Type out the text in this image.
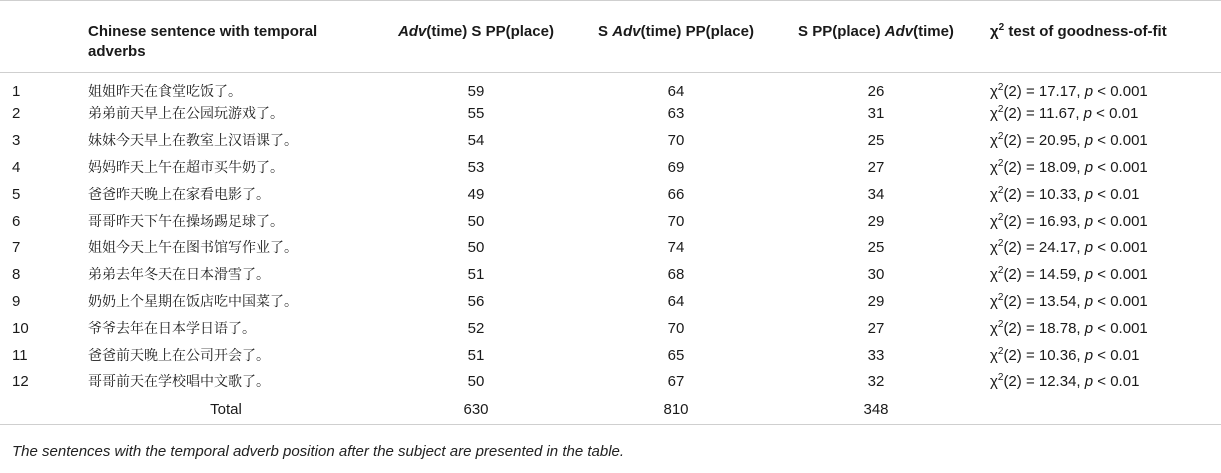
	Chinese sentence with temporal adverbs	Adv(time) S PP(place)	S Adv(time) PP(place)	S PP(place) Adv(time)	$\chi^2$ test of goodness-of-fit
1	姐姐昨天在食堂吃饭了。	59	64	26	$\chi^2(2) = 17.17$, p < 0.001
2	弟弟前天早上在公园玩游戏了。	55	63	31	$\chi^2(2) = 11.67$, p < 0.01
3	妹妹今天早上在教室上汉语课了。	54	70	25	$\chi^2(2) = 20.95$, p < 0.001
4	妈妈昨天上午在超市买牛奶了。	53	69	27	$\chi^2(2) = 18.09$, p < 0.001
5	爸爸昨天晚上在家看电影了。	49	66	34	$\chi^2(2) = 10.33$, p < 0.01
6	哥哥昨天下午在操场踢足球了。	50	70	29	$\chi^2(2) = 16.93$, p < 0.001
7	姐姐今天上午在图书馆写作业了。	50	74	25	$\chi^2(2) = 24.17$, p < 0.001
8	弟弟去年冬天在日本滑雪了。	51	68	30	$\chi^2(2) = 14.59$, p < 0.001
9	奶奶上个星期在饭店吃中国菜了。	56	64	29	$\chi^2(2) = 13.54$, p < 0.001
10	爷爷去年在日本学日语了。	52	70	27	$\chi^2(2) = 18.78$, p < 0.001
11	爸爸前天晚上在公司开会了。	51	65	33	$\chi^2(2) = 10.36$, p < 0.01
12	哥哥前天在学校唱中文歌了。	50	67	32	$\chi^2(2) = 12.34$, p < 0.01
	Total	630	810	348	
The sentences with the temporal adverb position after the subject are presented in the table.
